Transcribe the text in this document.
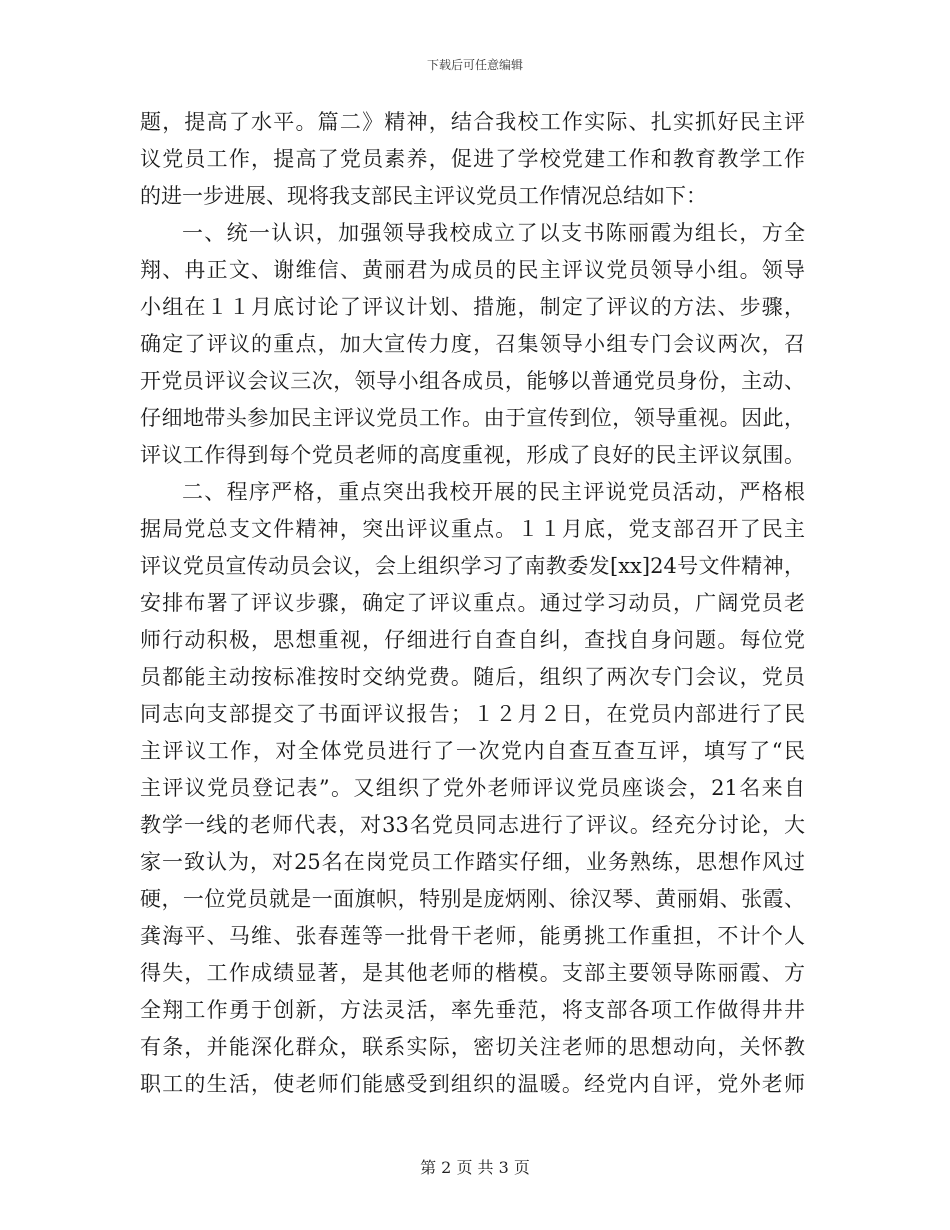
下载后可任意编辑
题，提高了水平。篇二》精神，结合我校工作实际、扎实抓好民主评
议党员工作，提高了党员素养，促进了学校党建工作和教育教学工作
的进一步进展、现将我支部民主评议党员工作情况总结如下：
一、统一认识，加强领导我校成立了以支书陈丽霞为组长，方全
翔、冉正文、谢维信、黄丽君为成员的民主评议党员领导小组。领导
小组在１１月底讨论了评议计划、措施，制定了评议的方法、步骤，
确定了评议的重点，加大宣传力度，召集领导小组专门会议两次，召
开党员评议会议三次，领导小组各成员，能够以普通党员身份，主动、
仔细地带头参加民主评议党员工作。由于宣传到位，领导重视。因此，
评议工作得到每个党员老师的高度重视，形成了良好的民主评议氛围。
二、程序严格，重点突出我校开展的民主评说党员活动，严格根
据局党总支文件精神，突出评议重点。１１月底，党支部召开了民主
评议党员宣传动员会议，会上组织学习了南教委发[xx]24号文件精神，
安排布署了评议步骤，确定了评议重点。通过学习动员，广阔党员老
师行动积极，思想重视，仔细进行自查自纠，查找自身问题。每位党
员都能主动按标准按时交纳党费。随后，组织了两次专门会议，党员
同志向支部提交了书面评议报告；１２月２日，在党员内部进行了民
主评议工作，对全体党员进行了一次党内自查互查互评，填写了“民
主评议党员登记表”。又组织了党外老师评议党员座谈会，21名来自
教学一线的老师代表，对33名党员同志进行了评议。经充分讨论，大
家一致认为，对25名在岗党员工作踏实仔细，业务熟练，思想作风过
硬，一位党员就是一面旗帜，特别是庞炳刚、徐汉琴、黄丽娟、张霞、
龚海平、马维、张春莲等一批骨干老师，能勇挑工作重担，不计个人
得失，工作成绩显著，是其他老师的楷模。支部主要领导陈丽霞、方
全翔工作勇于创新，方法灵活，率先垂范，将支部各项工作做得井井
有条，并能深化群众，联系实际，密切关注老师的思想动向，关怀教
职工的生活，使老师们能感受到组织的温暖。经党内自评，党外老师
第 2 页 共 3 页
